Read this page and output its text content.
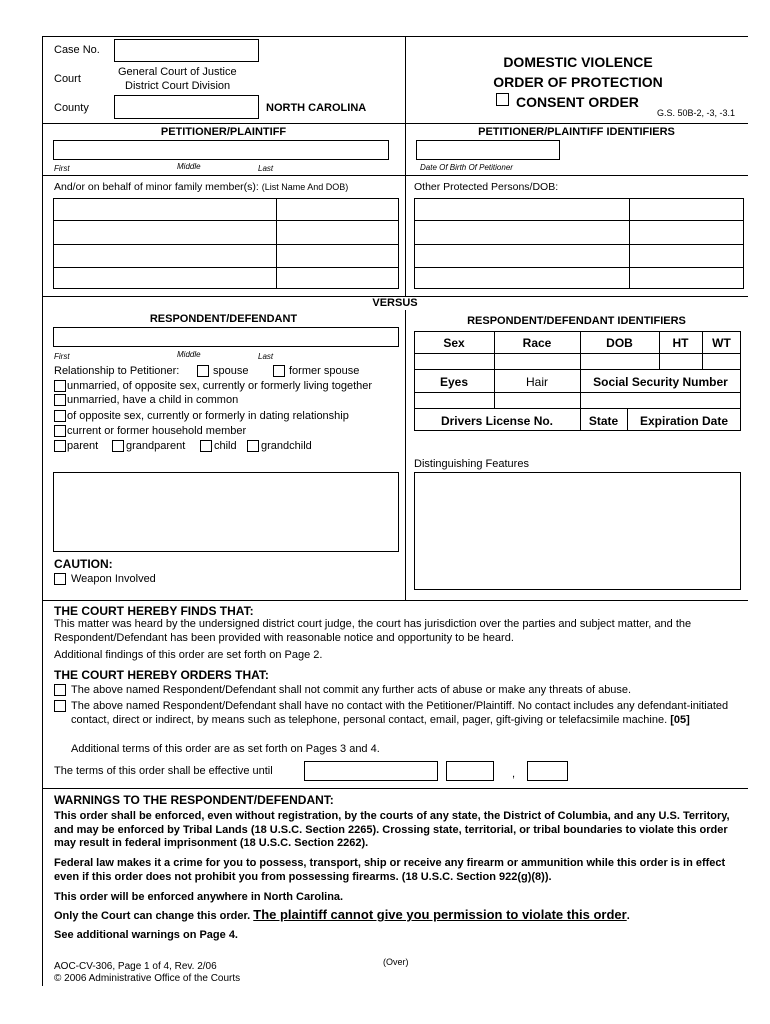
Case No.
Court
General Court of Justice
District Court Division
County	NORTH CAROLINA
DOMESTIC VIOLENCE
ORDER OF PROTECTION
CONSENT ORDER
G.S. 50B-2, -3, -3.1
PETITIONER/PLAINTIFF
First	Middle	Last
PETITIONER/PLAINTIFF IDENTIFIERS
Date Of Birth Of Petitioner
And/or on behalf of minor family member(s): (List Name And DOB)	Other Protected Persons/DOB:
VERSUS
RESPONDENT/DEFENDANT
First	Middle	Last
Relationship to Petitioner:	spouse	former spouse
unmarried, of opposite sex, currently or formerly living together
unmarried, have a child in common
of opposite sex, currently or formerly in dating relationship
current or former household member
parent	grandparent	child grandchild
CAUTION:
Weapon Involved
RESPONDENT/DEFENDANT IDENTIFIERS
Sex	Race	DOB	HT	WT
Eyes	Hair	Social Security Number
Drivers License No.	State	Expiration Date
Distinguishing Features
THE COURT HEREBY FINDS THAT:
This matter was heard by the undersigned district court judge, the court has jurisdiction over the parties and subject matter, and the Respondent/Defendant has been provided with reasonable notice and opportunity to be heard.
Additional findings of this order are set forth on Page 2.
THE COURT HEREBY ORDERS THAT:
The above named Respondent/Defendant shall not commit any further acts of abuse or make any threats of abuse.
The above named Respondent/Defendant shall have no contact with the Petitioner/Plaintiff. No contact includes any defendant-initiated contact, direct or indirect, by means such as telephone, personal contact, email, pager, gift-giving or telefacsimile machine. [05]
Additional terms of this order are as set forth on Pages 3 and 4.
The terms of this order shall be effective until	,
WARNINGS TO THE RESPONDENT/DEFENDANT:
This order shall be enforced, even without registration, by the courts of any state, the District of Columbia, and any U.S. Territory, and may be enforced by Tribal Lands (18 U.S.C. Section 2265). Crossing state, territorial, or tribal boundaries to violate this order may result in federal imprisonment (18 U.S.C. Section 2262).
Federal law makes it a crime for you to possess, transport, ship or receive any firearm or ammunition while this order is in effect even if this order does not prohibit you from possessing firearms. (18 U.S.C. Section 922(g)(8)).
This order will be enforced anywhere in North Carolina.
Only the Court can change this order. The plaintiff cannot give you permission to violate this order.
See additional warnings on Page 4.
AOC-CV-306, Page 1 of 4, Rev. 2/06
© 2006 Administrative Office of the Courts
(Over)
